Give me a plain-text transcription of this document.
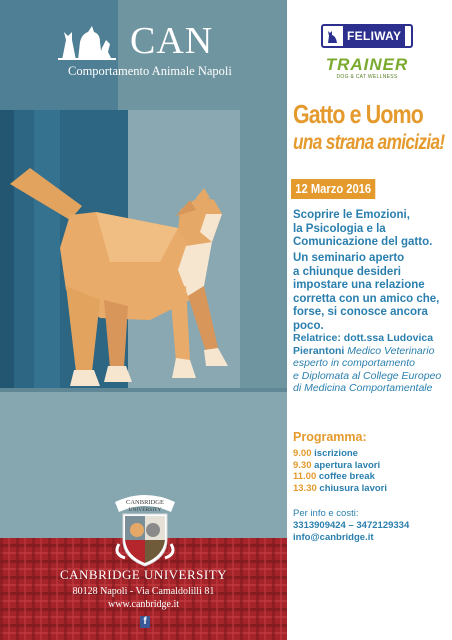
CAN
Comportamento Animale Napoli
CANBRIDGE
UNIVERSITY
CANBRIDGE UNIVERSITY
80128 Napoli - Via Camaldolilli 81
www.canbridge.it
f
FELIWAY
TRAINER
DOG & CAT WELLNESS
Gatto e Uomo
una strana amicizia!
12 Marzo 2016
Scoprire le Emozioni,
la Psicologia e la
Comunicazione del gatto.
Un seminario aperto
a chiunque desideri
impostare una relazione
corretta con un amico che,
forse, si conosce ancora
poco.
Relatrice: dott.ssa Ludovica
Pierantoni Medico Veterinario
esperto in comportamento
e Diplomata al College Europeo
di Medicina Comportamentale
Programma:
9.00 iscrizione
9.30 apertura lavori
11.00 coffee break
13.30 chiusura lavori
Per info e costi:
3313909424 – 3472129334
info@canbridge.it
